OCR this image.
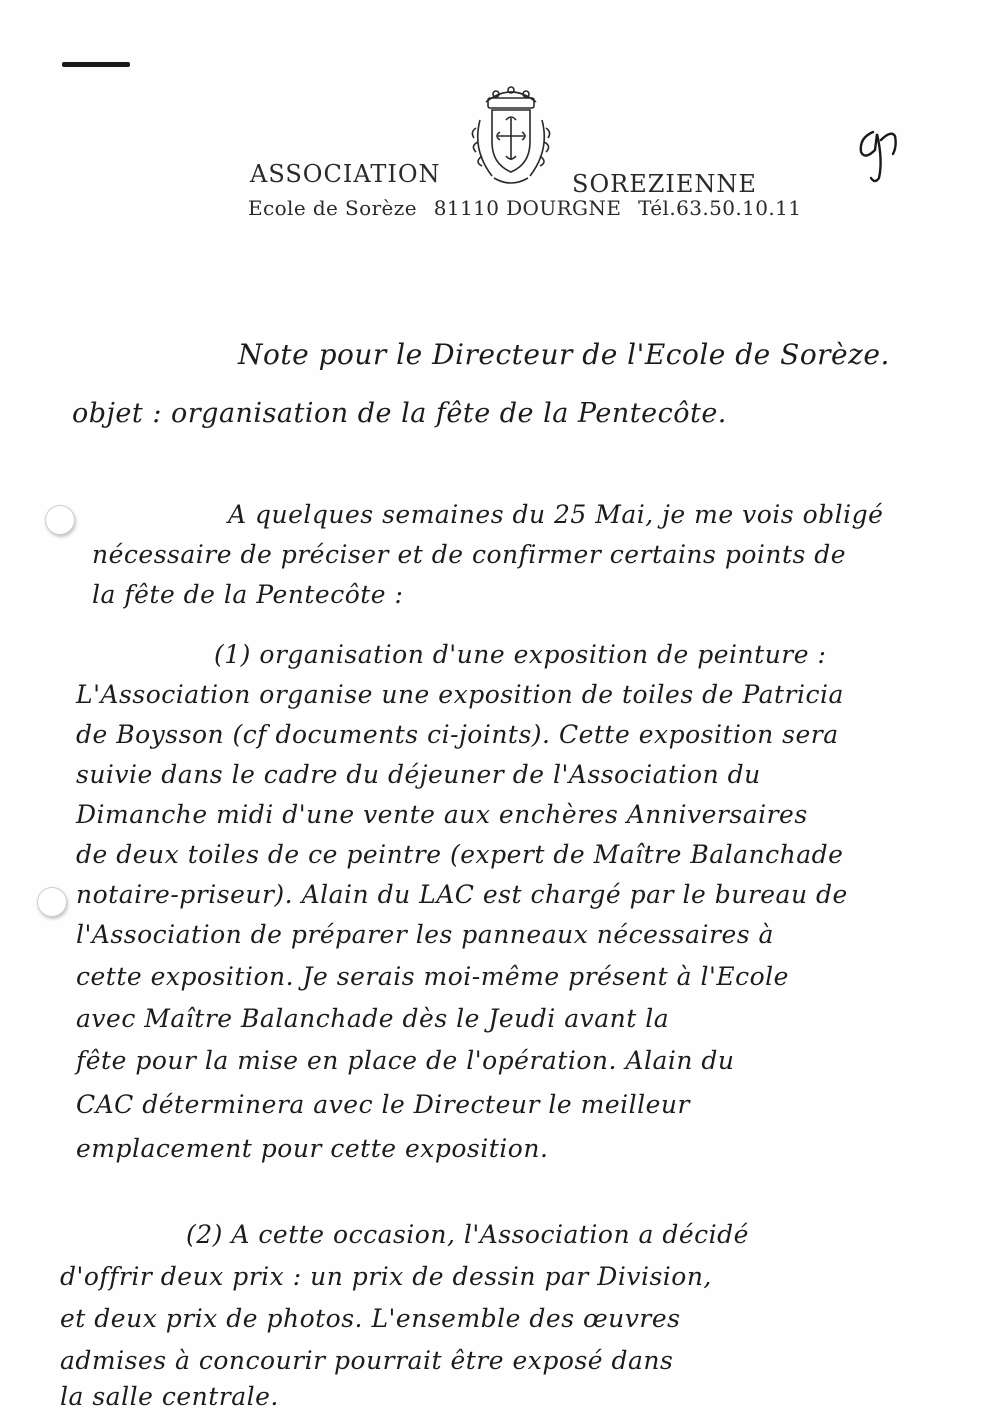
ASSOCIATION	SOREZIENNE
Ecole de Sorèze 81110 DOURGNE Tél.63.50.10.11
Note pour le Directeur de l'Ecole de Sorèze.
objet : organisation de la fête de la Pentecôte.
A quelques semaines du 25 Mai, je me vois obligé
nécessaire de préciser et de confirmer certains points de
la fête de la Pentecôte :
(1) organisation d'une exposition de peinture :
L'Association organise une exposition de toiles de Patricia
de Boysson (cf documents ci-joints). Cette exposition sera
suivie dans le cadre du déjeuner de l'Association du
Dimanche midi d'une vente aux enchères Anniversaires
de deux toiles de ce peintre (expert de Maître Balanchade
notaire-priseur). Alain du LAC est chargé par le bureau de
l'Association de préparer les panneaux nécessaires à
cette exposition. Je serais moi-même présent à l'Ecole
avec Maître Balanchade dès le Jeudi avant la
fête pour la mise en place de l'opération. Alain du
CAC déterminera avec le Directeur le meilleur
emplacement pour cette exposition.
(2) A cette occasion, l'Association a décidé
d'offrir deux prix : un prix de dessin par Division,
et deux prix de photos. L'ensemble des œuvres
admises à concourir pourrait être exposé dans
la salle centrale.
